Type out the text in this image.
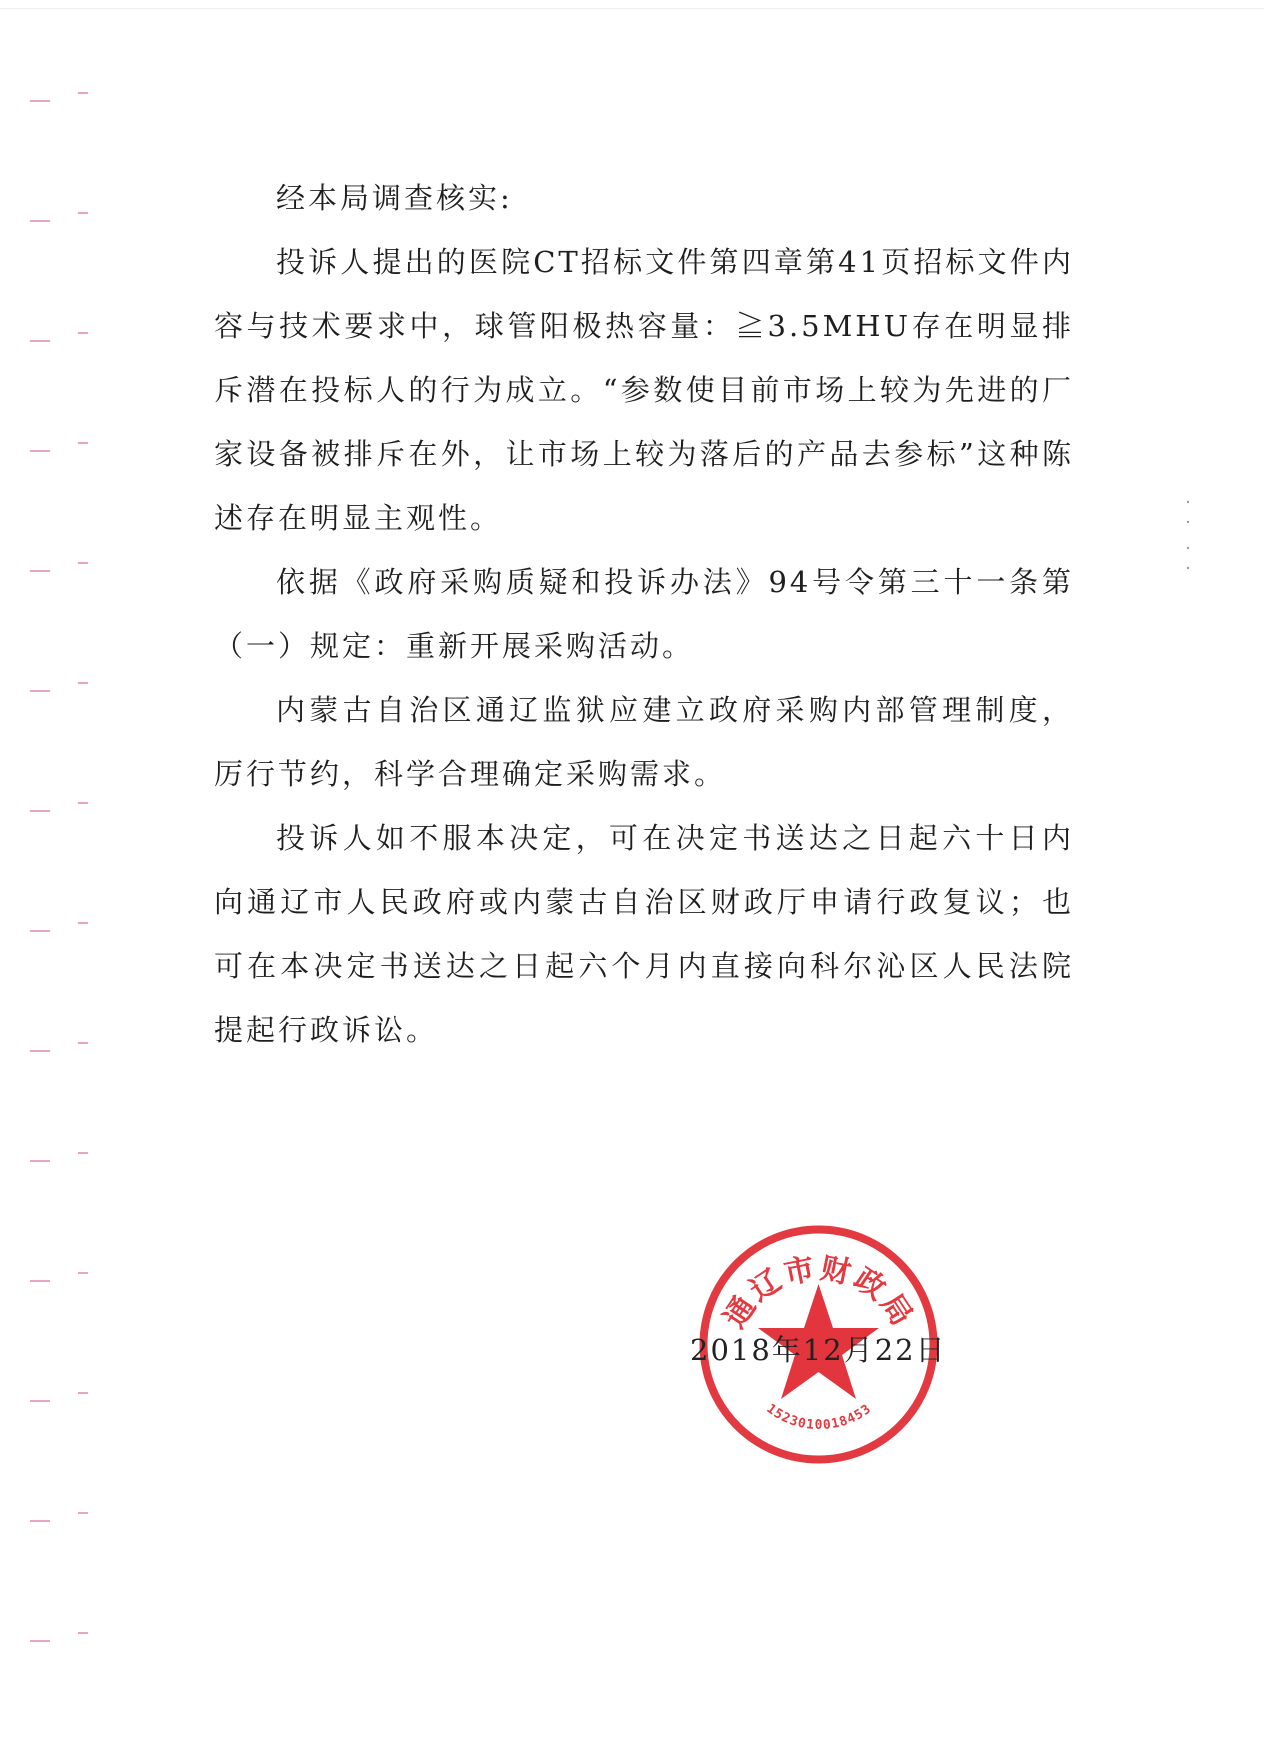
经本局调查核实:

投诉人提出的医院CT招标文件第四章第41页招标文件内容与技术要求中，球管阳极热容量：≧3.5MHU存在明显排斥潜在投标人的行为成立。“参数使目前市场上较为先进的厂家设备被排斥在外，让市场上较为落后的产品去参标”这种陈述存在明显主观性。

依据《政府采购质疑和投诉办法》94号令第三十一条第（一）规定：重新开展采购活动。

内蒙古自治区通辽监狱应建立政府采购内部管理制度，厉行节约，科学合理确定采购需求。

投诉人如不服本决定，可在决定书送达之日起六十日内向通辽市人民政府或内蒙古自治区财政厅申请行政复议；也可在本决定书送达之日起六个月内直接向科尔沁区人民法院提起行政诉讼。

通辽市财政局
1523010018453
2018年12月22日
